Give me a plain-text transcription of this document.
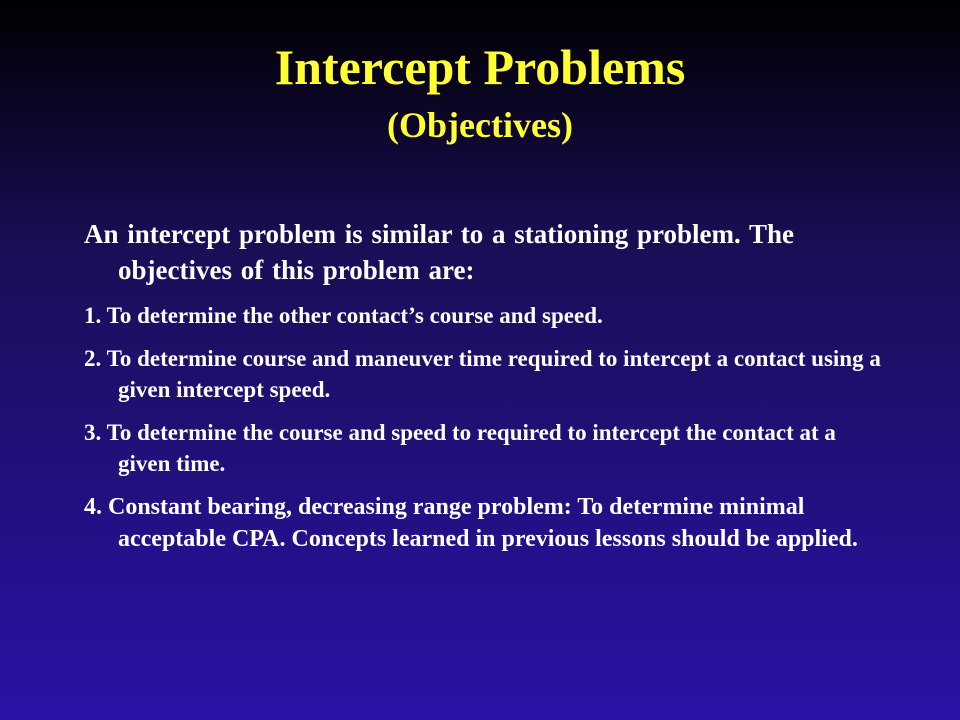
Intercept Problems
(Objectives)

An intercept problem is similar to a stationing problem. The objectives of this problem are:

1. To determine the other contact’s course and speed.
2. To determine course and maneuver time required to intercept a contact using a given intercept speed.
3. To determine the course and speed to required to intercept the contact at a given time.
4. Constant bearing, decreasing range problem: To determine minimal acceptable CPA. Concepts learned in previous lessons should be applied.
